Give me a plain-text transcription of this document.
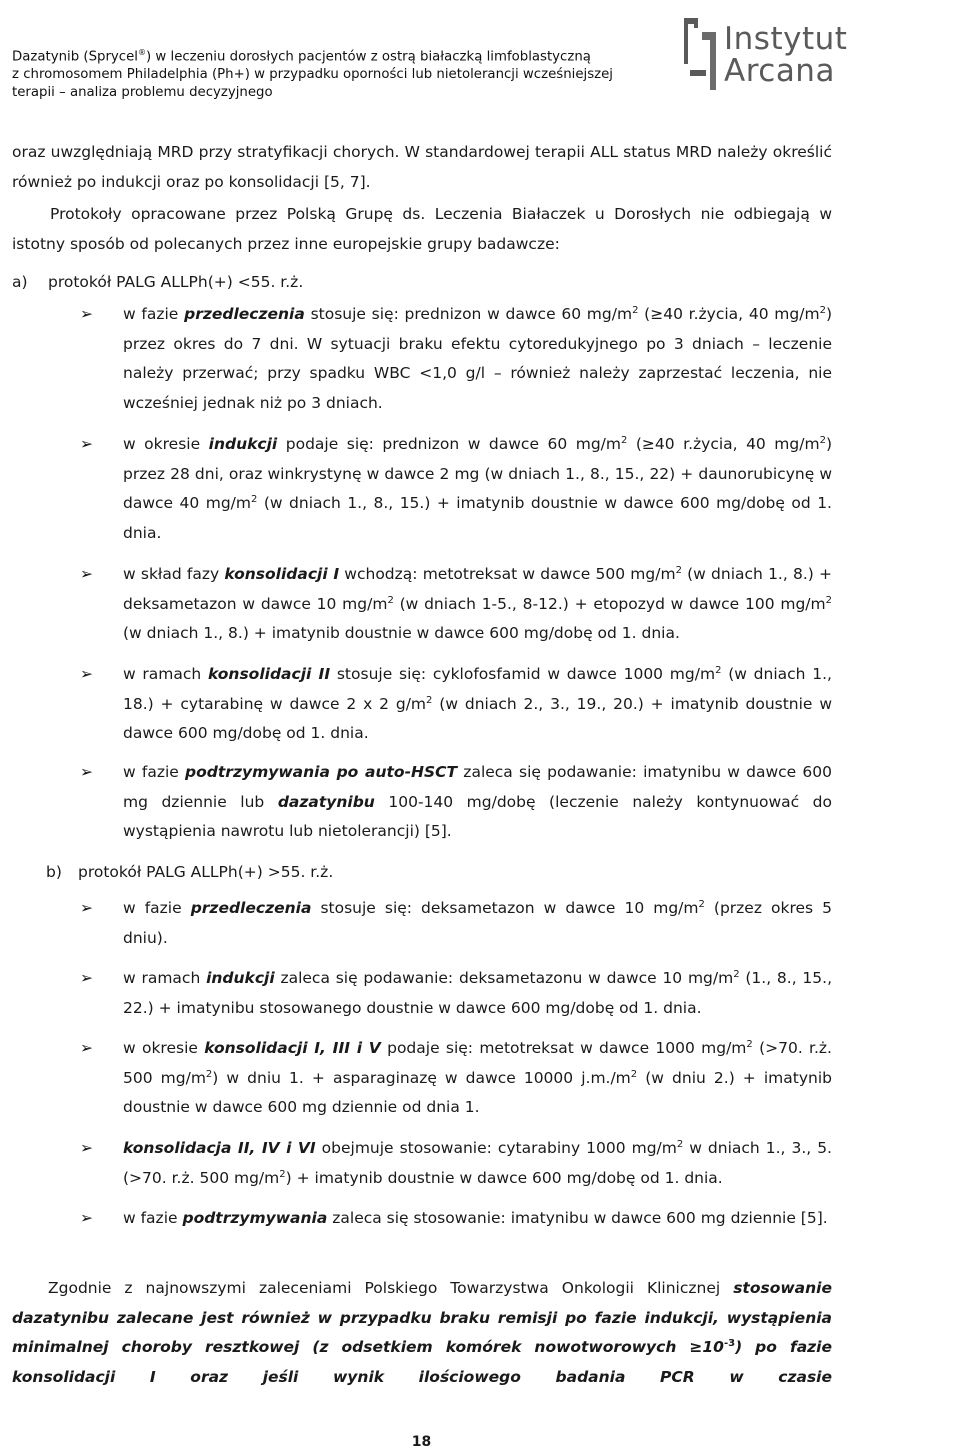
Dazatynib (Sprycel®) w leczeniu dorosłych pacjentów z ostrą białaczką limfoblastyczną
z chromosomem Philadelphia (Ph+) w przypadku oporności lub nietolerancji wcześniejszej
terapii – analiza problemu decyzyjnego
Instytut
Arcana
oraz uwzględniają MRD przy stratyfikacji chorych. W standardowej terapii ALL status MRD należy określić również po indukcji oraz po konsolidacji [5, 7].
Protokoły opracowane przez Polską Grupę ds. Leczenia Białaczek u Dorosłych nie odbiegają w istotny sposób od polecanych przez inne europejskie grupy badawcze:
a) protokół PALG ALLPh(+) <55. r.ż.
➢ w fazie przedleczenia stosuje się: prednizon w dawce 60 $mg/m^2$ (≥40 r.życia, 40 $mg/m^2$) przez okres do 7 dni. W sytuacji braku efektu cytoredukyjnego po 3 dniach – leczenie należy przerwać; przy spadku WBC <1,0 g/l – również należy zaprzestać leczenia, nie wcześniej jednak niż po 3 dniach.
➢ w okresie indukcji podaje się: prednizon w dawce 60 $mg/m^2$ (≥40 r.życia, 40 $mg/m^2$) przez 28 dni, oraz winkrystynę w dawce 2 mg (w dniach 1., 8., 15., 22) + daunorubicynę w dawce 40 $mg/m^2$ (w dniach 1., 8., 15.) + imatynib doustnie w dawce 600 mg/dobę od 1. dnia.
➢ w skład fazy konsolidacji I wchodzą: metotreksat w dawce 500 $mg/m^2$ (w dniach 1., 8.) + deksametazon w dawce 10 $mg/m^2$ (w dniach 1-5., 8-12.) + etopozyd w dawce 100 $mg/m^2$ (w dniach 1., 8.) + imatynib doustnie w dawce 600 mg/dobę od 1. dnia.
➢ w ramach konsolidacji II stosuje się: cyklofosfamid w dawce 1000 $mg/m^2$ (w dniach 1., 18.) + cytarabinę w dawce 2 x 2 $g/m^2$ (w dniach 2., 3., 19., 20.) + imatynib doustnie w dawce 600 mg/dobę od 1. dnia.
➢ w fazie podtrzymywania po auto-HSCT zaleca się podawanie: imatynibu w dawce 600 mg dziennie lub dazatynibu 100-140 mg/dobę (leczenie należy kontynuować do wystąpienia nawrotu lub nietolerancji) [5].
b) protokół PALG ALLPh(+) >55. r.ż.
➢ w fazie przedleczenia stosuje się: deksametazon w dawce 10 $mg/m^2$ (przez okres 5 dniu).
➢ w ramach indukcji zaleca się podawanie: deksametazonu w dawce 10 $mg/m^2$ (1., 8., 15., 22.) + imatynibu stosowanego doustnie w dawce 600 mg/dobę od 1. dnia.
➢ w okresie konsolidacji I, III i V podaje się: metotreksat w dawce 1000 $mg/m^2$ (>70. r.ż. 500 $mg/m^2$) w dniu 1. + asparaginazę w dawce 10000 $j.m./m^2$ (w dniu 2.) + imatynib doustnie w dawce 600 mg dziennie od dnia 1.
➢ konsolidacja II, IV i VI obejmuje stosowanie: cytarabiny 1000 $mg/m^2$ w dniach 1., 3., 5. (>70. r.ż. 500 $mg/m^2$) + imatynib doustnie w dawce 600 mg/dobę od 1. dnia.
➢ w fazie podtrzymywania zaleca się stosowanie: imatynibu w dawce 600 mg dziennie [5].
Zgodnie z najnowszymi zaleceniami Polskiego Towarzystwa Onkologii Klinicznej stosowanie dazatynibu zalecane jest również w przypadku braku remisji po fazie indukcji, wystąpienia minimalnej choroby resztkowej (z odsetkiem komórek nowotworowych $\ge 10^{-3}$) po fazie konsolidacji I oraz jeśli wynik ilościowego badania PCR w czasie
18
